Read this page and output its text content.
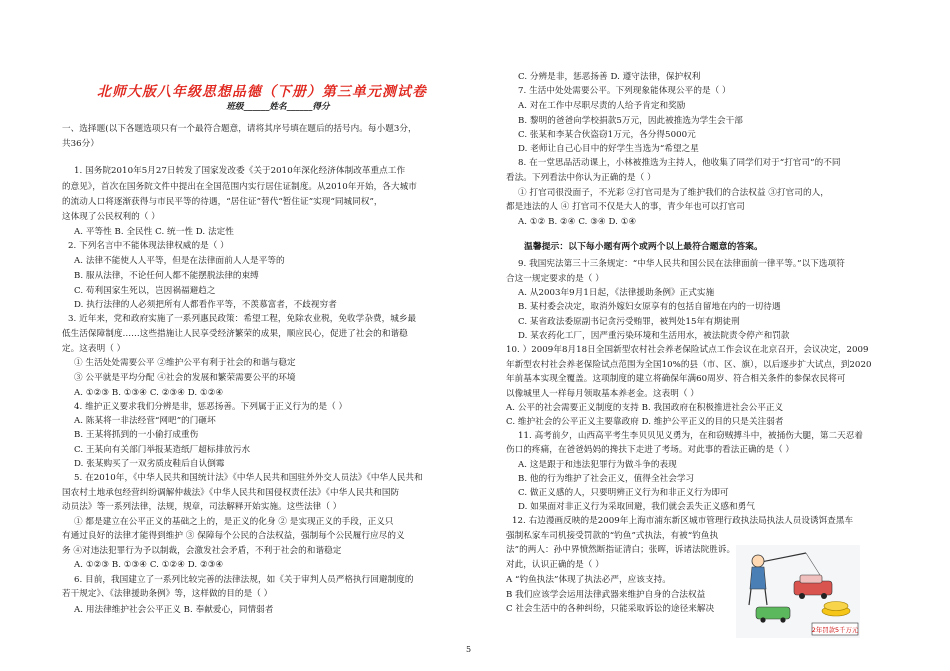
北师大版八年级思想品德（下册）第三单元测试卷
班级______姓名______得分
一、选择题(以下各题选项只有一个最符合题意，请将其序号填在题后的括号内。每小题3分，
共36分）
1. 国务院2010年5月27日转发了国家发改委《关于2010年深化经济体制改革重点工作
的意见》，首次在国务院文件中提出在全国范围内实行居住证制度。从2010年开始，各大城市
的流动人口将逐渐获得与市民平等的待遇，“居住证”替代“暂住证”实现“同城同权”，
这体现了公民权利的（ ）
A. 平等性 B. 全民性 C. 统一性 D. 法定性
2. 下列名言中不能体现法律权威的是（ ）
A. 法律不能使人人平等，但是在法律面前人人是平等的
B. 服从法律，不论任何人都不能摆脱法律的束缚
C. 苟利国家生死以，岂因祸福避趋之
D. 执行法律的人必须把所有人都看作平等，不羡慕富者，不歧视穷者
3. 近年来，党和政府实施了一系列惠民政策：希望工程，免除农业税，免收学杂费，城乡最
低生活保障制度……这些措施让人民享受经济繁荣的成果，顺应民心，促进了社会的和谐稳
定。这表明（ ）
① 生活处处需要公平 ②维护公平有利于社会的和谐与稳定
③ 公平就是平均分配 ④社会的发展和繁荣需要公平的环境
A. ①②③ B. ①③④ C. ②③④ D. ①②④
4. 维护正义要求我们分辨是非，惩恶扬善。下列属于正义行为的是（ ）
A. 陈某将一非法经营“网吧”的门砸坏
B. 王某将抓到的一小偷打成重伤
C. 王某向有关部门举报某造纸厂超标排放污水
D. 张某购买了一双劣质皮鞋后自认倒霉
5. 在2010年，《中华人民共和国统计法》《中华人民共和国驻外外交人员法》《中华人民共和
国农村土地承包经营纠纷调解仲裁法》《中华人民共和国侵权责任法》《中华人民共和国防
动员法》等一系列法律，法规，规章，司法解释开始实施。这些法律（ ）
① 都是建立在公平正义的基础之上的，是正义的化身 ② 是实现正义的手段，正义只
有通过良好的法律才能得到维护 ③ 保障每个公民的合法权益，强制每个公民履行应尽的义
务 ④对违法犯罪行为予以制裁，会激发社会矛盾，不利于社会的和谐稳定
A. ①②③ B. ①③④ C. ①②④ D. ②③④
6. 目前，我国建立了一系列比较完善的法律法规，如《关于审判人员严格执行回避制度的
若干规定》、《法律援助条例》等，这样做的目的是（ ）
A. 用法律维护社会公平正义 B. 奉献爱心，同情弱者
C. 分辨是非，惩恶扬善 D. 遵守法律，保护权利
7. 生活中处处需要公平。下列现象能体现公平的是（ ）
A. 对在工作中尽职尽责的人给予肯定和奖励
B. 黎明的爸爸向学校捐款5万元，因此被推选为学生会干部
C. 张某和李某合伙盗窃1万元，各分得5000元
D. 老师让自己心目中的好学生当选为“希望之星
8. 在一堂思品活动课上，小林被推选为主持人，他收集了同学们对于“打官司”的不同
看法。下列看法中你认为正确的是（ ）
① 打官司很没面子，不光彩 ②打官司是为了维护我们的合法权益 ③打官司的人，
都是违法的人 ④ 打官司不仅是大人的事，青少年也可以打官司
A. ①② B. ②④ C. ③④ D. ①④
温馨提示：以下每小题有两个或两个以上最符合题意的答案。
9. 我国宪法第三十三条规定：“中华人民共和国公民在法律面前一律平等。”以下选项符
合这一规定要求的是（ ）
A. 从2003年9月1日起，《法律援助条例》正式实施
B. 某村委会决定，取消外嫁妇女原享有的包括自留地在内的一切待遇
C. 某省政法委原副书记贪污受贿罪，被判处15年有期徒刑
D. 某农药化工厂，因严重污染环境和生活用水，被法院责令停产和罚款
10. ）2009年8月18日全国新型农村社会养老保险试点工作会议在北京召开，会议决定，2009
年新型农村社会养老保险试点范围为全国10%的县（市、区、旗），以后逐步扩大试点，到2020
年前基本实现全覆盖。这项制度的建立将确保年满60周岁、符合相关条件的参保农民将可
以像城里人一样每月领取基本养老金。这表明（ ）
A. 公平的社会需要正义制度的支持 B. 我国政府在积极推进社会公平正义
C. 维护社会的公平正义主要靠政府 D. 维护公平正义的目的只是关注弱者
11. 高考前夕，山西高平考生李贝贝见义勇为，在和窃贼搏斗中，被捅伤大腿，第二天忍着
伤口的疼痛，在爸爸妈妈的搀扶下走进了考场。对此事的看法正确的是（ ）
A. 这是跟于和违法犯罪行为做斗争的表现
B. 他的行为维护了社会正义，值得全社会学习
C. 做正义感的人，只要明辨正义行为和非正义行为即可
D. 如果面对非正义行为采取回避，我们就会丢失正义感和勇气
12. 右边漫画反映的是2009年上海市浦东新区城市管理行政执法局执法人员设诱饵查黑车
强制私家车司机接受罚款的“钓鱼”式执法，有被“钓鱼执
法”的两人：孙中界愤然断指证清白；张晖，诉诸法院胜诉。
对此，认识正确的是（ ）
A “钓鱼执法”体现了执法必严，应该支持。
B 我们应该学会运用法律武器来维护自身的合法权益
C 社会生活中的各种纠纷，只能采取诉讼的途径来解决
2年罚款5千万元
5
